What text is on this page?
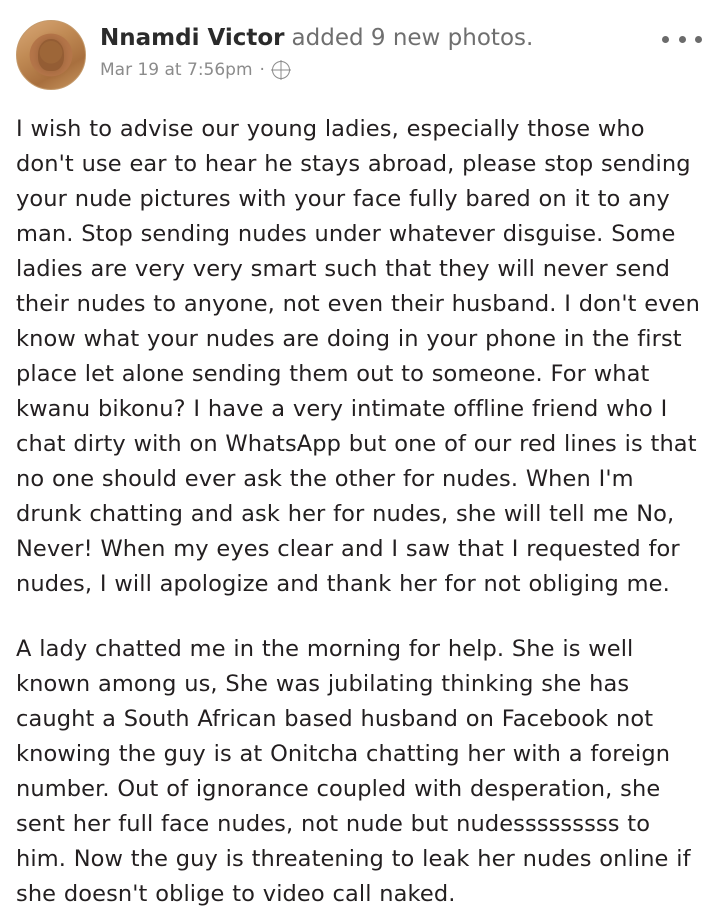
Nnamdi Victor added 9 new photos.
Mar 19 at 7:56pm ·

I wish to advise our young ladies, especially those who don't use ear to hear he stays abroad, please stop sending your nude pictures with your face fully bared on it to any man. Stop sending nudes under whatever disguise. Some ladies are very very smart such that they will never send their nudes to anyone, not even their husband. I don't even know what your nudes are doing in your phone in the first place let alone sending them out to someone. For what kwanu bikonu? I have a very intimate offline friend who I chat dirty with on WhatsApp but one of our red lines is that no one should ever ask the other for nudes. When I'm drunk chatting and ask her for nudes, she will tell me No, Never! When my eyes clear and I saw that I requested for nudes, I will apologize and thank her for not obliging me.

A lady chatted me in the morning for help. She is well known among us, She was jubilating thinking she has caught a South African based husband on Facebook not knowing the guy is at Onitcha chatting her with a foreign number. Out of ignorance coupled with desperation, she sent her full face nudes, not nude but nudesssssssss to him. Now the guy is threatening to leak her nudes online if she doesn't oblige to video call naked.
